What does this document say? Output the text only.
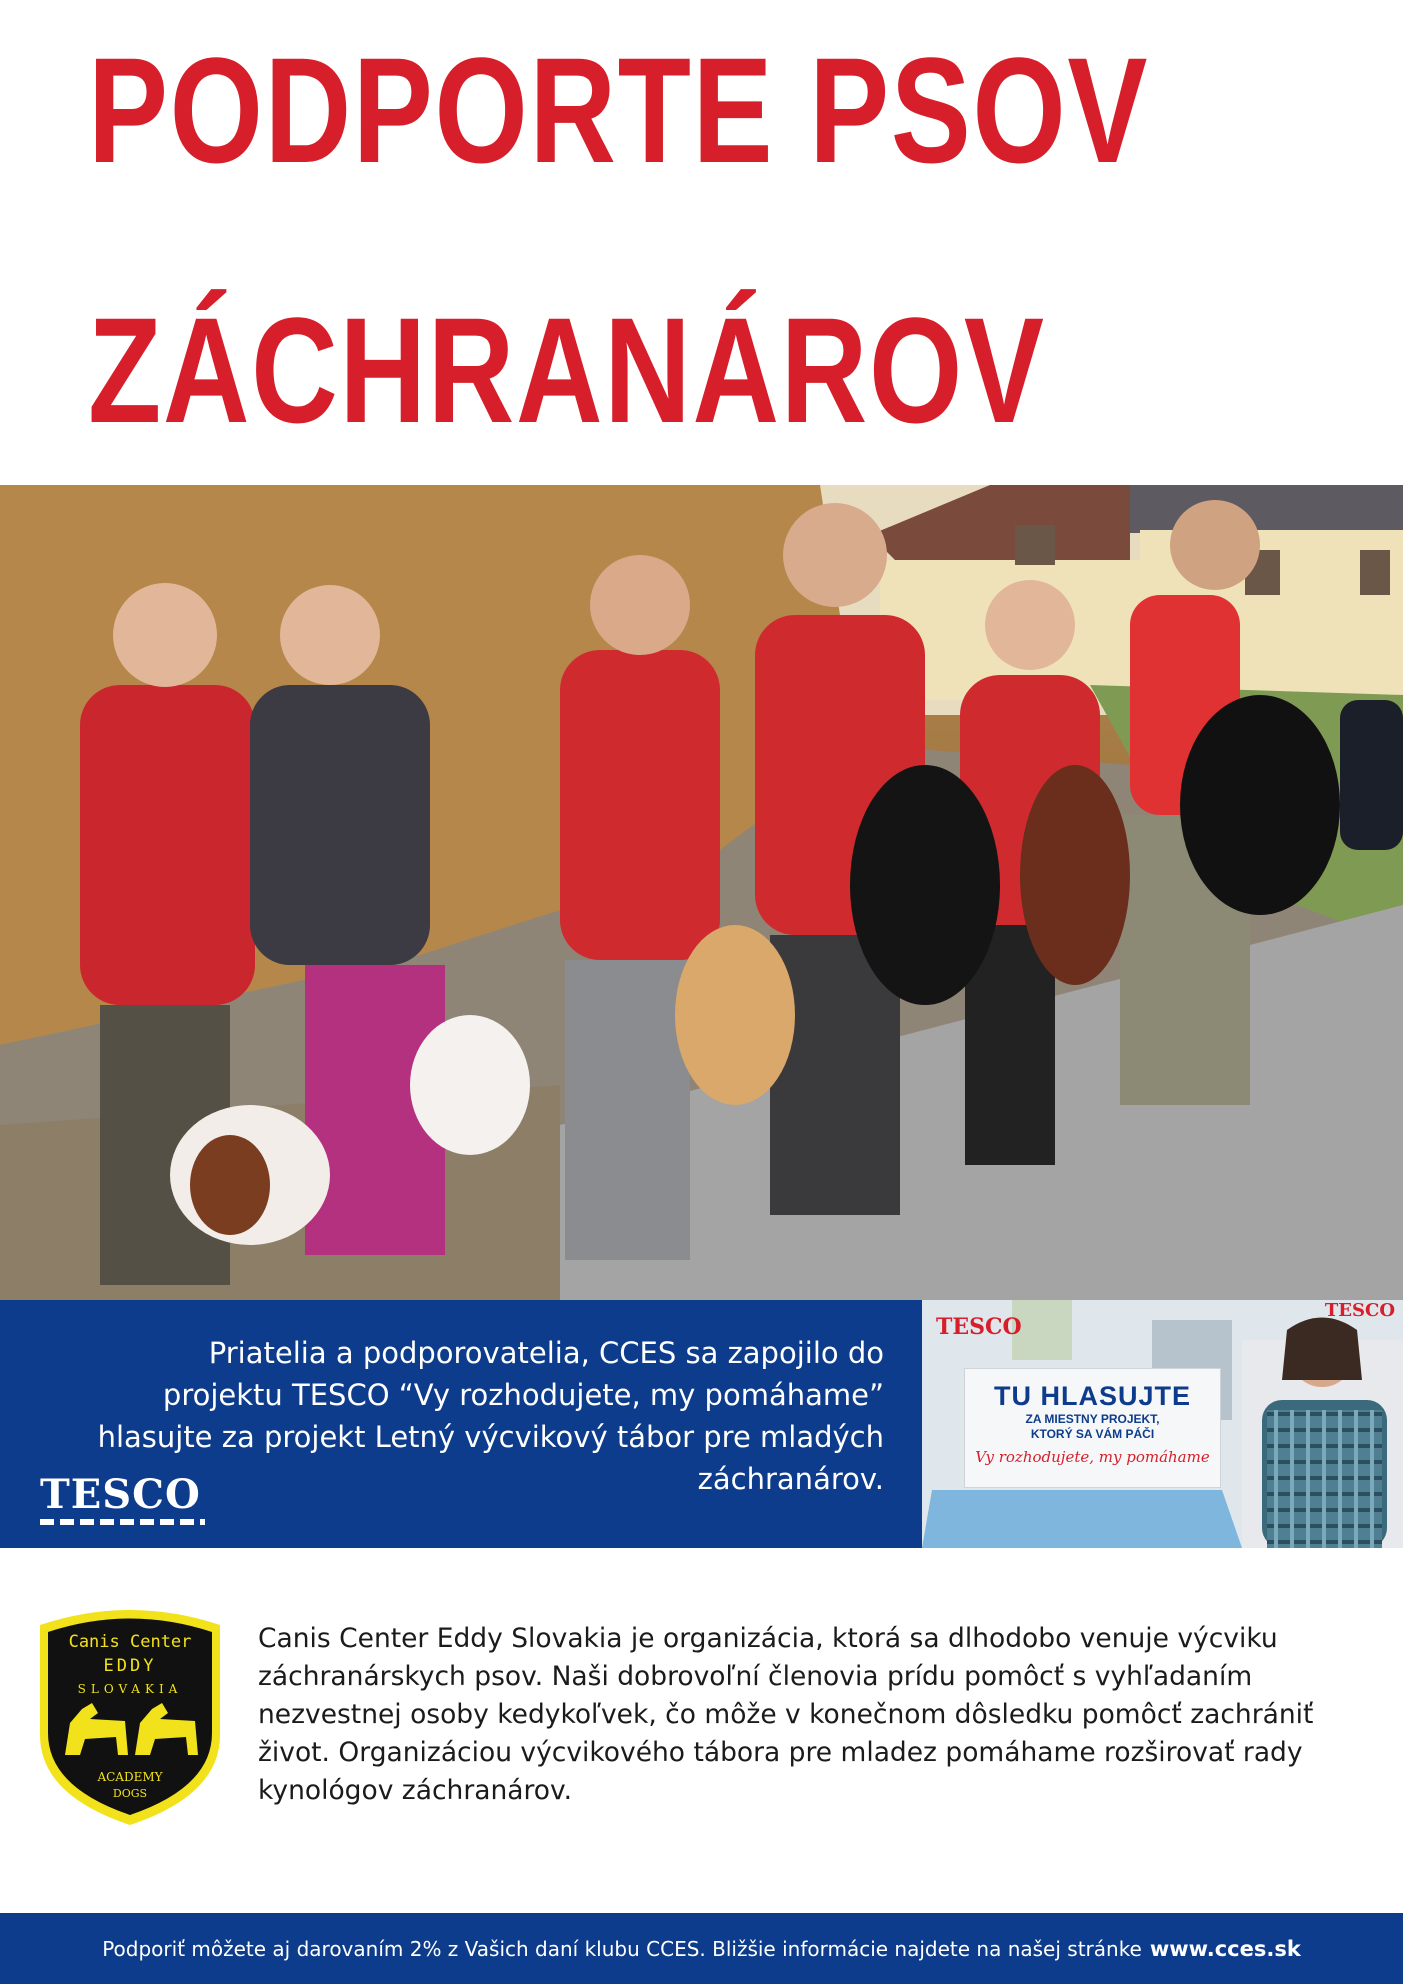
PODPORTE PSOV
ZÁCHRANÁROV

Priatelia a podporovatelia, CCES sa zapojilo do projektu TESCO “Vy rozhodujete, my pomáhame” hlasujte za projekt Letný výcvikový tábor pre mladých záchranárov.

TESCO
TESCO
TESCO
TU HLASUJTE
ZA MIESTNY PROJEKT,
KTORÝ SA VÁM PÁČI
Vy rozhodujete, my pomáhame
Canis Center
EDDY
SLOVAKIA
ACADEMY
DOGS

Canis Center Eddy Slovakia je organizácia, ktorá sa dlhodobo venuje výcviku záchranárskych psov. Naši dobrovoľní členovia prídu pomôcť s vyhľadaním nezvestnej osoby kedykoľvek, čo môže v konečnom dôsledku pomôcť zachrániť život. Organizáciou výcvikového tábora pre mladez pomáhame rozširovať rady kynológov záchranárov.

Podporiť môžete aj darovaním 2% z Vašich daní klubu CCES. Bližšie informácie najdete na našej stránke www.cces.sk
